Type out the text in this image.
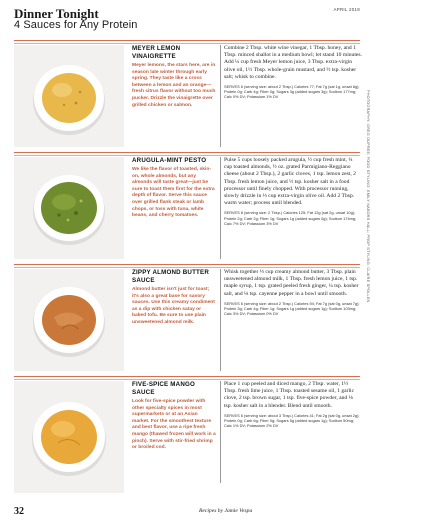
Dinner Tonight
4 Sauces for Any Protein
APRIL 2018
MEYER LEMON VINAIGRETTE

Meyer lemons, the stars here, are in season late winter through early spring. They taste like a cross between a lemon and an orange—fresh citrus flavor without too much pucker. Drizzle the vinaigrette over grilled chicken or salmon.

Combine 2 Tbsp. white wine vinegar, 1 Tbsp. honey, and 1 Tbsp. minced shallot in a medium bowl; let stand 10 minutes. Add ¼ cup fresh Meyer lemon juice, 3 Tbsp. extra-virgin olive oil, 1½ Tbsp. whole-grain mustard, and ½ tsp. kosher salt; whisk to combine.
SERVES 6 (serving size: about 2 Tbsp.) Calories 77; Fat 7g (sat 1g, unsat 6g); Protein 0g; Carb 4g; Fiber 0g; Sugars 3g (added sugars 3g); Sodium 177mg; Calc 0% DV; Potassium 1% DV
ARUGULA-MINT PESTO

We like the flavor of toasted, skin-on, whole almonds, but any almonds will taste great—just be sure to toast them first for the extra depth of flavor. Serve this sauce over grilled flank steak or lamb chops, or toss with tuna, white beans, and cherry tomatoes.

Pulse 5 cups loosely packed arugula, ½ cup fresh mint, ¼ cup toasted almonds, ½ oz. grated Parmigiano-Reggiano cheese (about 2 Tbsp.), 2 garlic cloves, 1 tsp. lemon zest, 2 Tbsp. fresh lemon juice, and ½ tsp. kosher salt in a food processor until finely chopped. With processor running, slowly drizzle in ⅓ cup extra-virgin olive oil. Add 2 Tbsp. warm water; process until blended.
SERVES 8 (serving size: 2 Tbsp.) Calories 125; Fat 12g (sat 2g, unsat 10g); Protein 2g; Carb 2g; Fiber 1g; Sugars 1g (added sugars 0g); Sodium 174mg; Calc 7% DV; Potassium 3% DV
ZIPPY ALMOND BUTTER SAUCE

Almond butter isn't just for toast; it's also a great base for savory sauces. Use this creamy condiment as a dip with chicken satay or baked tofu. Be sure to use plain unsweetened almond milk.

Whisk together ⅓ cup creamy almond butter, 3 Tbsp. plain unsweetened almond milk, 1 Tbsp. fresh lemon juice, 1 tsp. maple syrup, 1 tsp. grated peeled fresh ginger, ¼ tsp. kosher salt, and ⅛ tsp. cayenne pepper in a bowl until smooth.
SERVES 6 (serving size: about 2 Tbsp.) Calories 94; Fat 7g (sat 0g, unsat 7g); Protein 3g; Carb 4g; Fiber 1g; Sugars 1g (added sugars 1g); Sodium 103mg; Calc 3% DV; Potassium 0% DV
FIVE-SPICE MANGO SAUCE

Look for five-spice powder with other specialty spices in most supermarkets or at an Asian market. For the smoothest texture and best flavor, use a ripe fresh mango (thawed frozen will work in a pinch). Serve with stir-fried shrimp or broiled cod.

Place 1 cup peeled and diced mango, 2 Tbsp. water, 1½ Tbsp. fresh lime juice, 1 Tbsp. toasted sesame oil, 1 garlic clove, 2 tsp. brown sugar, 1 tsp. five-spice powder, and ⅛ tsp. kosher salt in a blender. Blend until smooth.
SERVES 6 (serving size: about 3 Tbsp.) Calories 41; Fat 2g (sat 0g, unsat 2g); Protein 0g; Carb 6g; Fiber 0g; Sugars 5g (added sugars 1g); Sodium 50mg; Calc 1% DV; Potassium 2% DV
PHOTOGRAPHY: GREG DUPREE; FOOD STYLING: EMILY NABORS HALL; PROP STYLING: CLAIRE SPOLLEN
32	Recipes by Jamie Vespa
